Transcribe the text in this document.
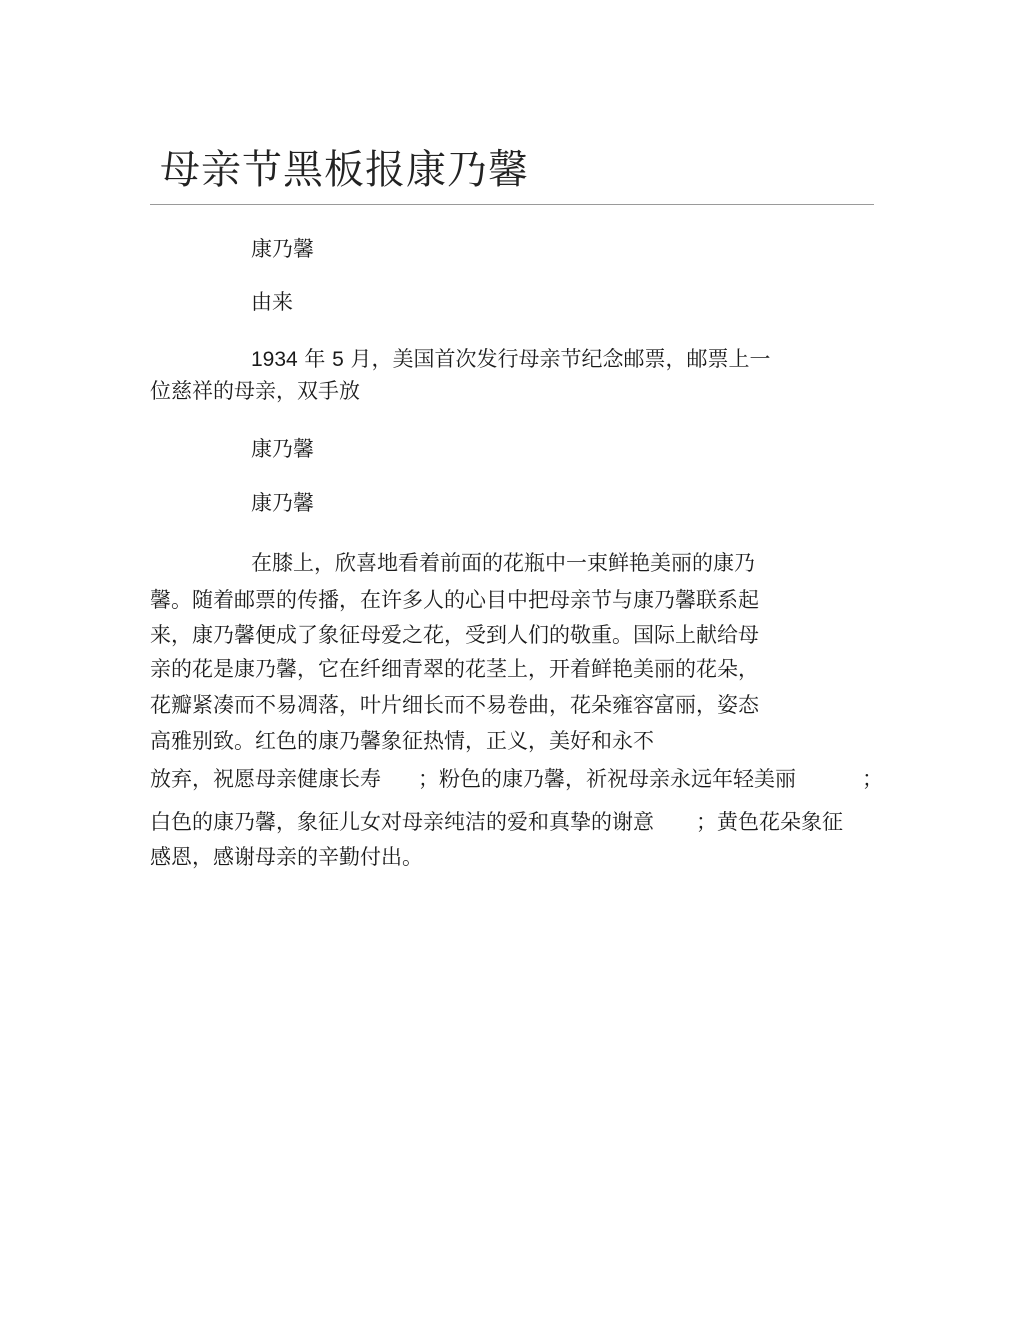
母亲节黑板报康乃馨

康乃馨

由来

1934 年 5 月，美国首次发行母亲节纪念邮票，邮票上一

位慈祥的母亲，双手放

康乃馨

康乃馨

在膝上，欣喜地看着前面的花瓶中一束鲜艳美丽的康乃

馨。随着邮票的传播，在许多人的心目中把母亲节与康乃馨联系起

来，康乃馨便成了象征母爱之花，受到人们的敬重。国际上献给母

亲的花是康乃馨，它在纤细青翠的花茎上，开着鲜艳美丽的花朵，

花瓣紧凑而不易凋落，叶片细长而不易卷曲，花朵雍容富丽，姿态

高雅别致。红色的康乃馨象征热情，正义，美好和永不

放弃，祝愿母亲健康长寿 ；粉色的康乃馨，祈祝母亲永远年轻美丽	；

白色的康乃馨，象征儿女对母亲纯洁的爱和真挚的谢意 ；黄色花朵象征

感恩，感谢母亲的辛勤付出。
